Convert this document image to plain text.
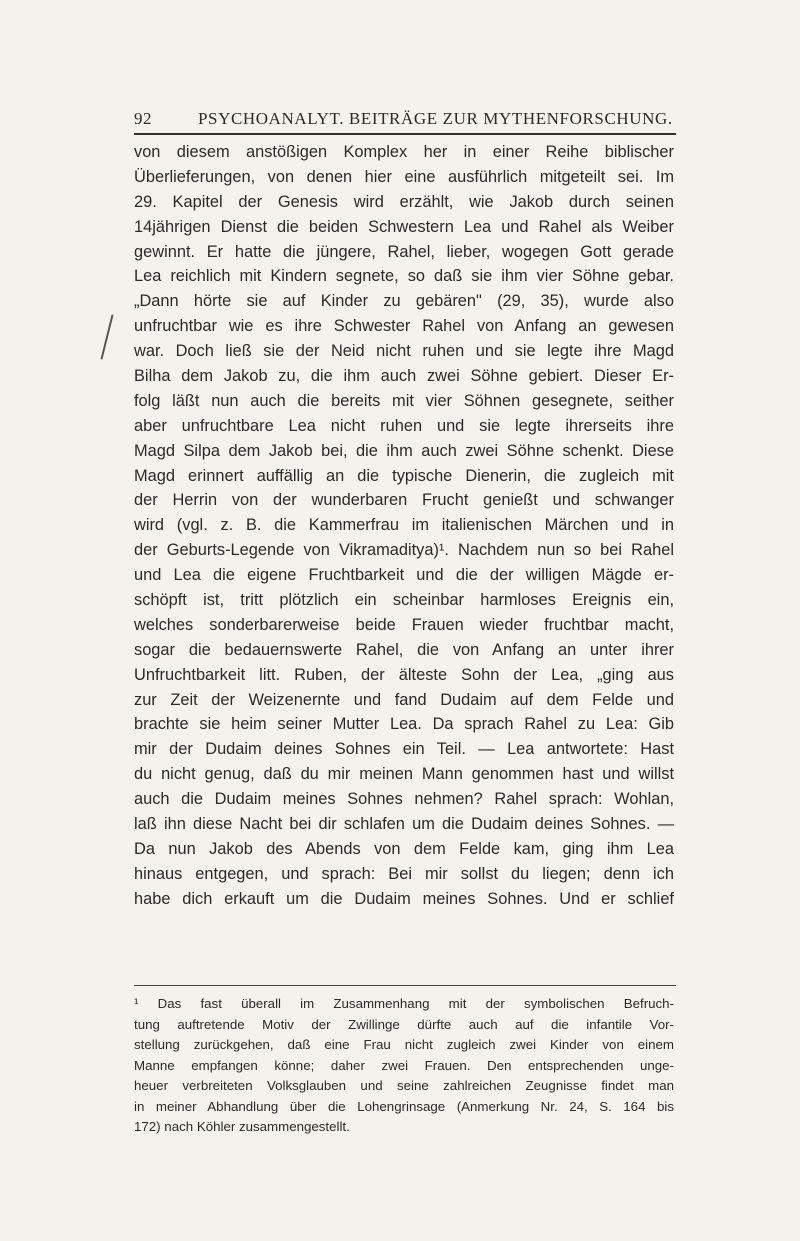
92	PSYCHOANALYT. BEITRÄGE ZUR MYTHENFORSCHUNG.
von diesem anstößigen Komplex her in einer Reihe biblischer
Überlieferungen, von denen hier eine ausführlich mitgeteilt sei. Im
29. Kapitel der Genesis wird erzählt, wie Jakob durch seinen
14jährigen Dienst die beiden Schwestern Lea und Rahel als Weiber
gewinnt. Er hatte die jüngere, Rahel, lieber, wogegen Gott gerade
Lea reichlich mit Kindern segnete, so daß sie ihm vier Söhne gebar.
„Dann hörte sie auf Kinder zu gebären" (29, 35), wurde also
unfruchtbar wie es ihre Schwester Rahel von Anfang an gewesen
war. Doch ließ sie der Neid nicht ruhen und sie legte ihre Magd
Bilha dem Jakob zu, die ihm auch zwei Söhne gebiert. Dieser Er-
folg läßt nun auch die bereits mit vier Söhnen gesegnete, seither
aber unfruchtbare Lea nicht ruhen und sie legte ihrerseits ihre
Magd Silpa dem Jakob bei, die ihm auch zwei Söhne schenkt. Diese
Magd erinnert auffällig an die typische Dienerin, die zugleich mit
der Herrin von der wunderbaren Frucht genießt und schwanger
wird (vgl. z. B. die Kammerfrau im italienischen Märchen und in
der Geburts-Legende von Vikramaditya)¹. Nachdem nun so bei Rahel
und Lea die eigene Fruchtbarkeit und die der willigen Mägde er-
schöpft ist, tritt plötzlich ein scheinbar harmloses Ereignis ein,
welches sonderbarerweise beide Frauen wieder fruchtbar macht,
sogar die bedauernswerte Rahel, die von Anfang an unter ihrer
Unfruchtbarkeit litt. Ruben, der älteste Sohn der Lea, „ging aus
zur Zeit der Weizenernte und fand Dudaim auf dem Felde und
brachte sie heim seiner Mutter Lea. Da sprach Rahel zu Lea: Gib
mir der Dudaim deines Sohnes ein Teil. — Lea antwortete: Hast
du nicht genug, daß du mir meinen Mann genommen hast und willst
auch die Dudaim meines Sohnes nehmen? Rahel sprach: Wohlan,
laß ihn diese Nacht bei dir schlafen um die Dudaim deines Sohnes. —
Da nun Jakob des Abends von dem Felde kam, ging ihm Lea
hinaus entgegen, und sprach: Bei mir sollst du liegen; denn ich
habe dich erkauft um die Dudaim meines Sohnes. Und er schlief
¹ Das fast überall im Zusammenhang mit der symbolischen Befruch-
tung auftretende Motiv der Zwillinge dürfte auch auf die infantile Vor-
stellung zurückgehen, daß eine Frau nicht zugleich zwei Kinder von einem
Manne empfangen könne; daher zwei Frauen. Den entsprechenden unge-
heuer verbreiteten Volksglauben und seine zahlreichen Zeugnisse findet man
in meiner Abhandlung über die Lohengrinsage (Anmerkung Nr. 24, S. 164 bis
172) nach Köhler zusammengestellt.
